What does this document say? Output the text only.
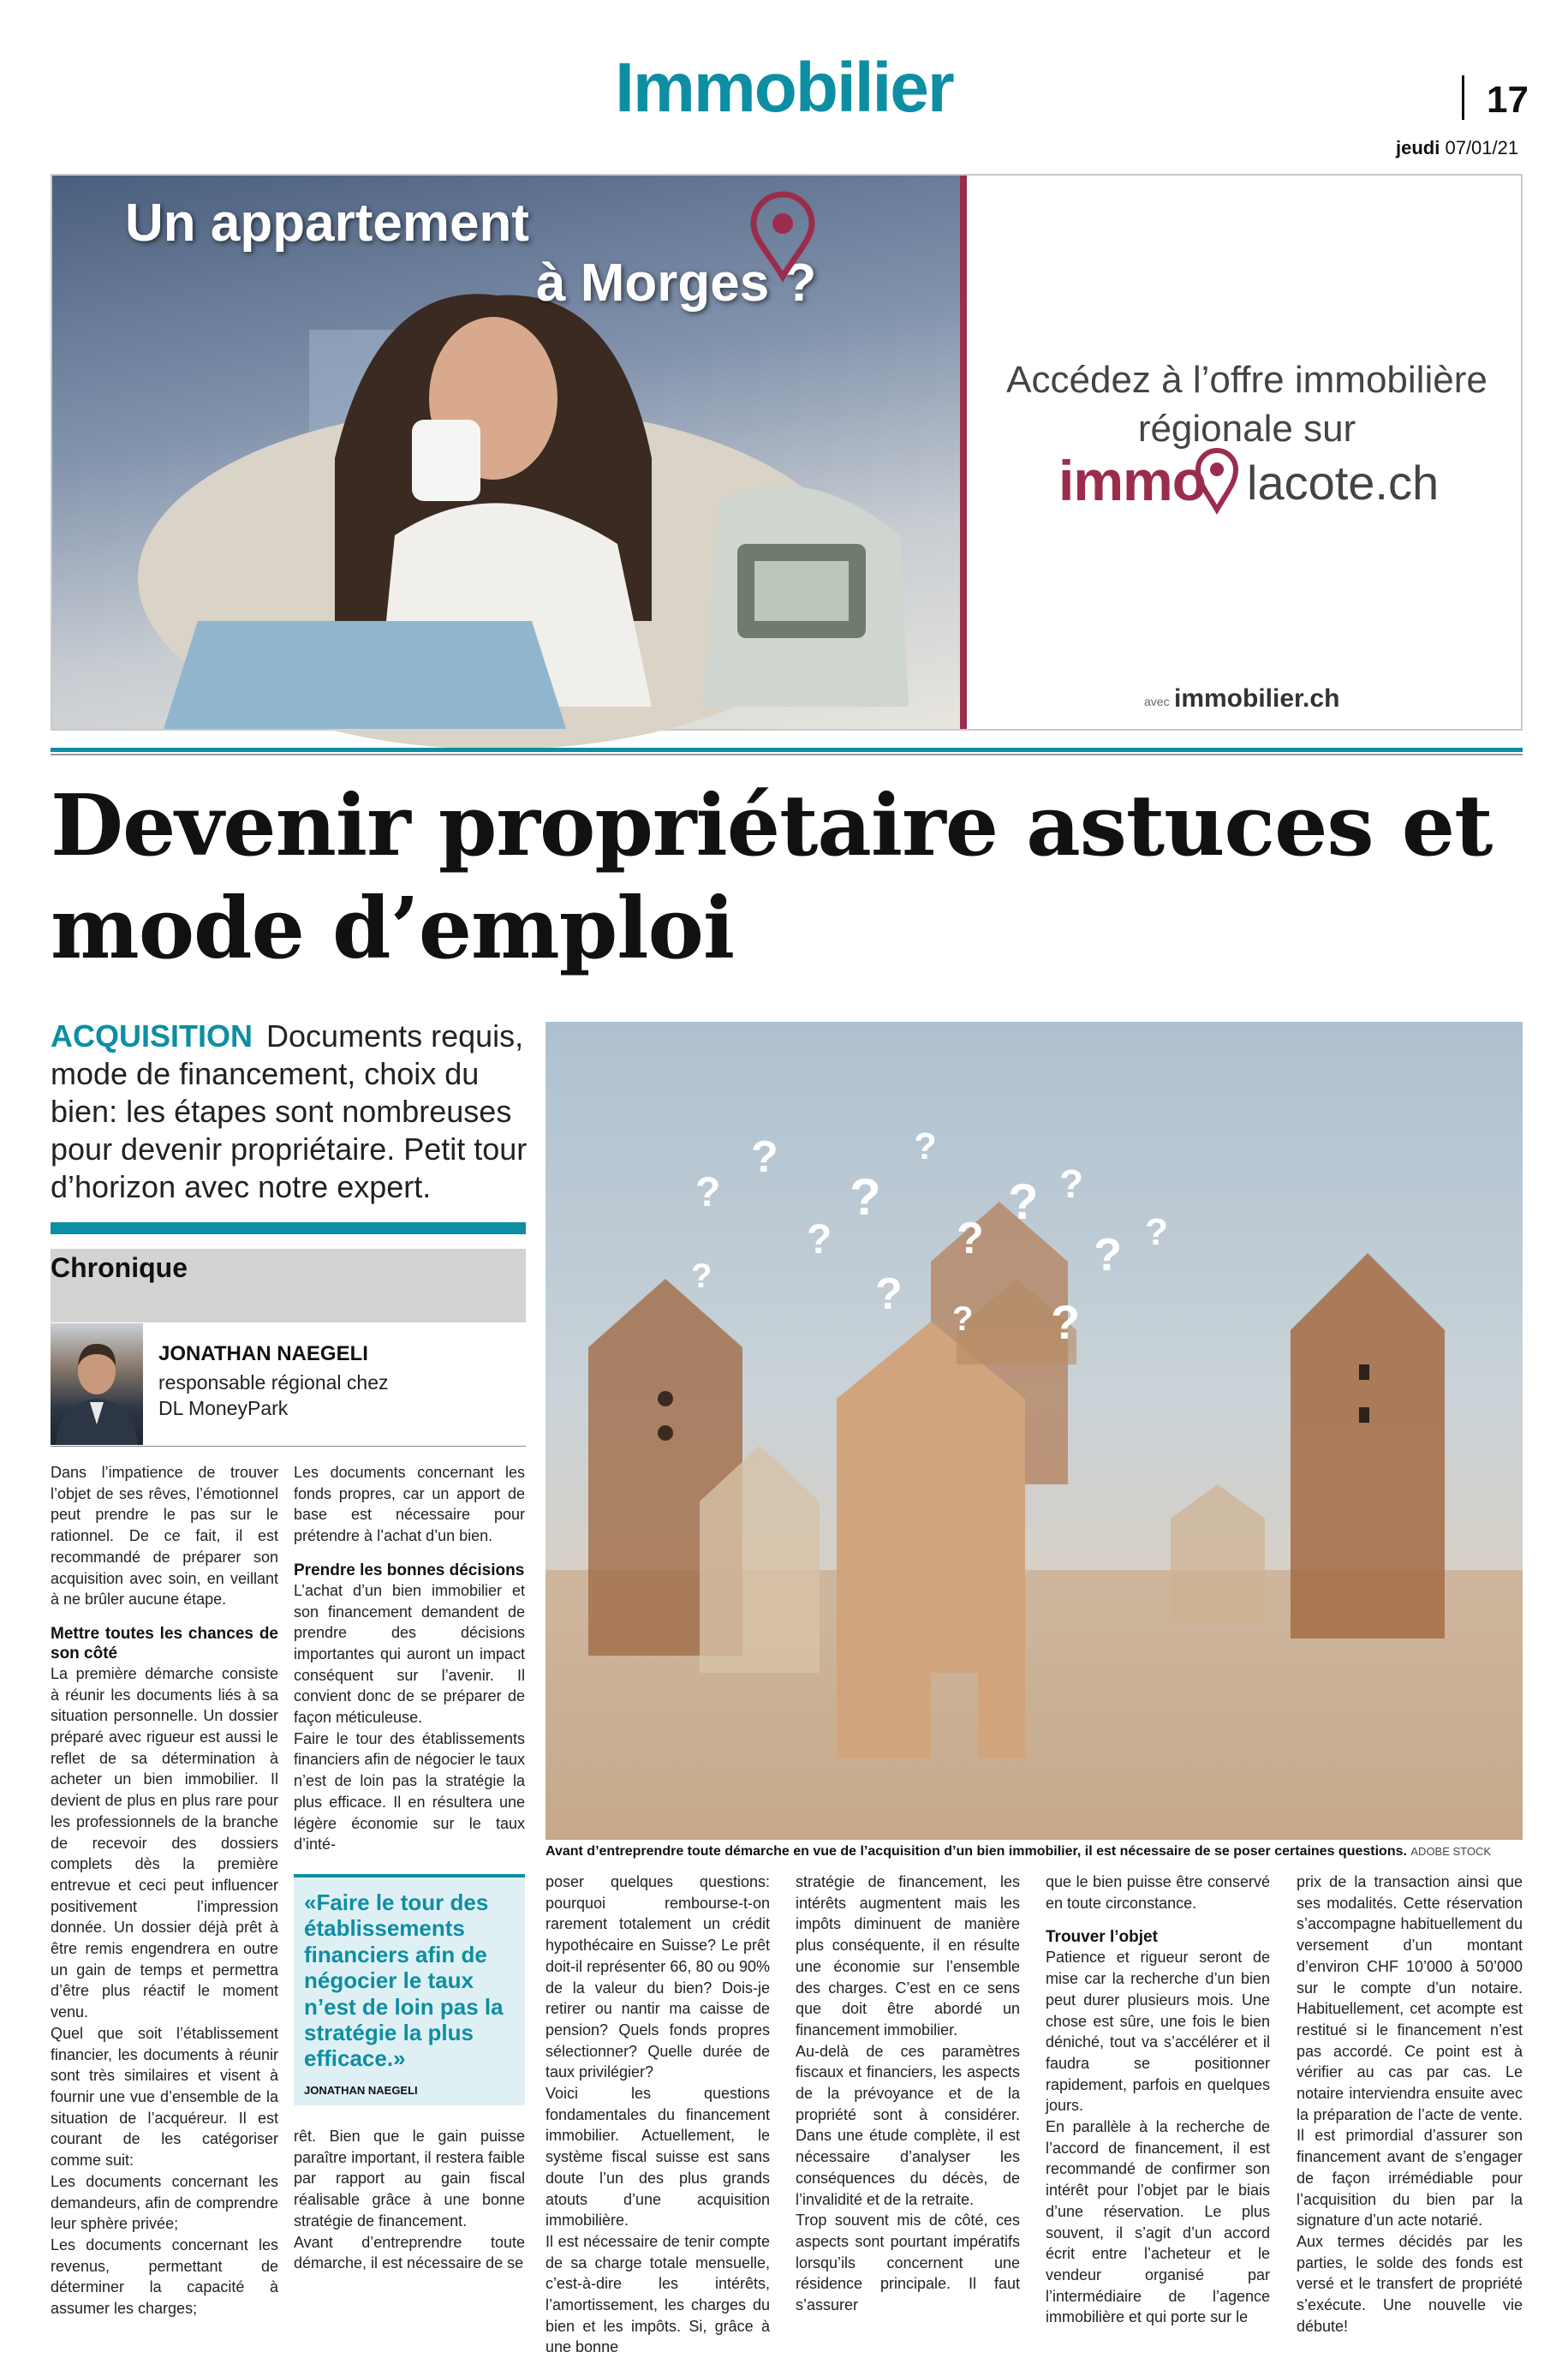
Immobilier	17
jeudi 07/01/21
Un appartement
à Morges ?
Accédez à l’offre immobilière régionale sur
immo lacote.ch
avec immobilier.ch
Devenir propriétaire astuces et mode d’emploi
ACQUISITION Documents requis, mode de financement, choix du bien: les étapes sont nombreuses pour devenir propriétaire. Petit tour d’horizon avec notre expert.
Chronique
JONATHAN NAEGELI
responsable régional chez DL MoneyPark

Dans l’impatience de trouver l’objet de ses rêves, l’émotionnel peut prendre le pas sur le rationnel. De ce fait, il est recommandé de préparer son acquisition avec soin, en veillant à ne brûler aucune étape.

Mettre toutes les chances de son côté

La première démarche consiste à réunir les documents liés à sa situation personnelle. Un dossier préparé avec rigueur est aussi le reflet de sa détermination à acheter un bien immobilier. Il devient de plus en plus rare pour les professionnels de la branche de recevoir des dossiers complets dès la première entrevue et ceci peut influencer positivement l’impression donnée. Un dossier déjà prêt à être remis engendrera en outre un gain de temps et permettra d’être plus réactif le moment venu.

Quel que soit l’établissement financier, les documents à réunir sont très similaires et visent à fournir une vue d’ensemble de la situation de l’acquéreur. Il est courant de les catégoriser comme suit:

Les documents concernant les demandeurs, afin de comprendre leur sphère privée;

Les documents concernant les revenus, permettant de déterminer la capacité à assumer les charges;

Les documents concernant les fonds propres, car un apport de base est nécessaire pour prétendre à l’achat d’un bien.

Prendre les bonnes décisions

L’achat d’un bien immobilier et son financement demandent de prendre des décisions importantes qui auront un impact conséquent sur l’avenir. Il convient donc de se préparer de façon méticuleuse.

Faire le tour des établissements financiers afin de négocier le taux n’est de loin pas la stratégie la plus efficace. Il en résultera une légère économie sur le taux d’inté-

«Faire le tour des établissements financiers afin de négocier le taux n’est de loin pas la stratégie la plus efficace.»
JONATHAN NAEGELI

rêt. Bien que le gain puisse paraître important, il restera faible par rapport au gain fiscal réalisable grâce à une bonne stratégie de financement.

Avant d’entreprendre toute démarche, il est nécessaire de se

?
?
?
?
?
?
? ?
? ?
?	?
?
?
Avant d’entreprendre toute démarche en vue de l’acquisition d’un bien immobilier, il est nécessaire de se poser certaines questions. ADOBE STOCK

poser quelques questions: pourquoi rembourse-t-on rarement totalement un crédit hypothécaire en Suisse? Le prêt doit-il représenter 66, 80 ou 90% de la valeur du bien? Dois-je retirer ou nantir ma caisse de pension? Quels fonds propres sélectionner? Quelle durée de taux privilégier?

Voici les questions fondamentales du financement immobilier. Actuellement, le système fiscal suisse est sans doute l’un des plus grands atouts d’une acquisition immobilière.

Il est nécessaire de tenir compte de sa charge totale mensuelle, c’est-à-dire les intérêts, l’amortissement, les charges du bien et les impôts. Si, grâce à une bonne

stratégie de financement, les intérêts augmentent mais les impôts diminuent de manière plus conséquente, il en résulte une économie sur l’ensemble des charges. C’est en ce sens que doit être abordé un financement immobilier.

Au-delà de ces paramètres fiscaux et financiers, les aspects de la prévoyance et de la propriété sont à considérer. Dans une étude complète, il est nécessaire d’analyser les conséquences du décès, de l’invalidité et de la retraite.

Trop souvent mis de côté, ces aspects sont pourtant impératifs lorsqu’ils concernent une résidence principale. Il faut s’assurer

que le bien puisse être conservé en toute circonstance.

Trouver l’objet

Patience et rigueur seront de mise car la recherche d’un bien peut durer plusieurs mois. Une chose est sûre, une fois le bien déniché, tout va s’accélérer et il faudra se positionner rapidement, parfois en quelques jours.

En parallèle à la recherche de l’accord de financement, il est recommandé de confirmer son intérêt pour l’objet par le biais d’une réservation. Le plus souvent, il s’agit d’un accord écrit entre l’acheteur et le vendeur organisé par l’intermédiaire de l’agence immobilière et qui porte sur le

prix de la transaction ainsi que ses modalités. Cette réservation s’accompagne habituellement du versement d’un montant d’environ CHF 10’000 à 50’000 sur le compte d’un notaire. Habituellement, cet acompte est restitué si le financement n’est pas accordé. Ce point est à vérifier au cas par cas. Le notaire interviendra ensuite avec la préparation de l’acte de vente. Il est primordial d’assurer son financement avant de s’engager de façon irrémédiable pour l’acquisition du bien par la signature d’un acte notarié.

Aux termes décidés par les parties, le solde des fonds est versé et le transfert de propriété s’exécute. Une nouvelle vie débute!
